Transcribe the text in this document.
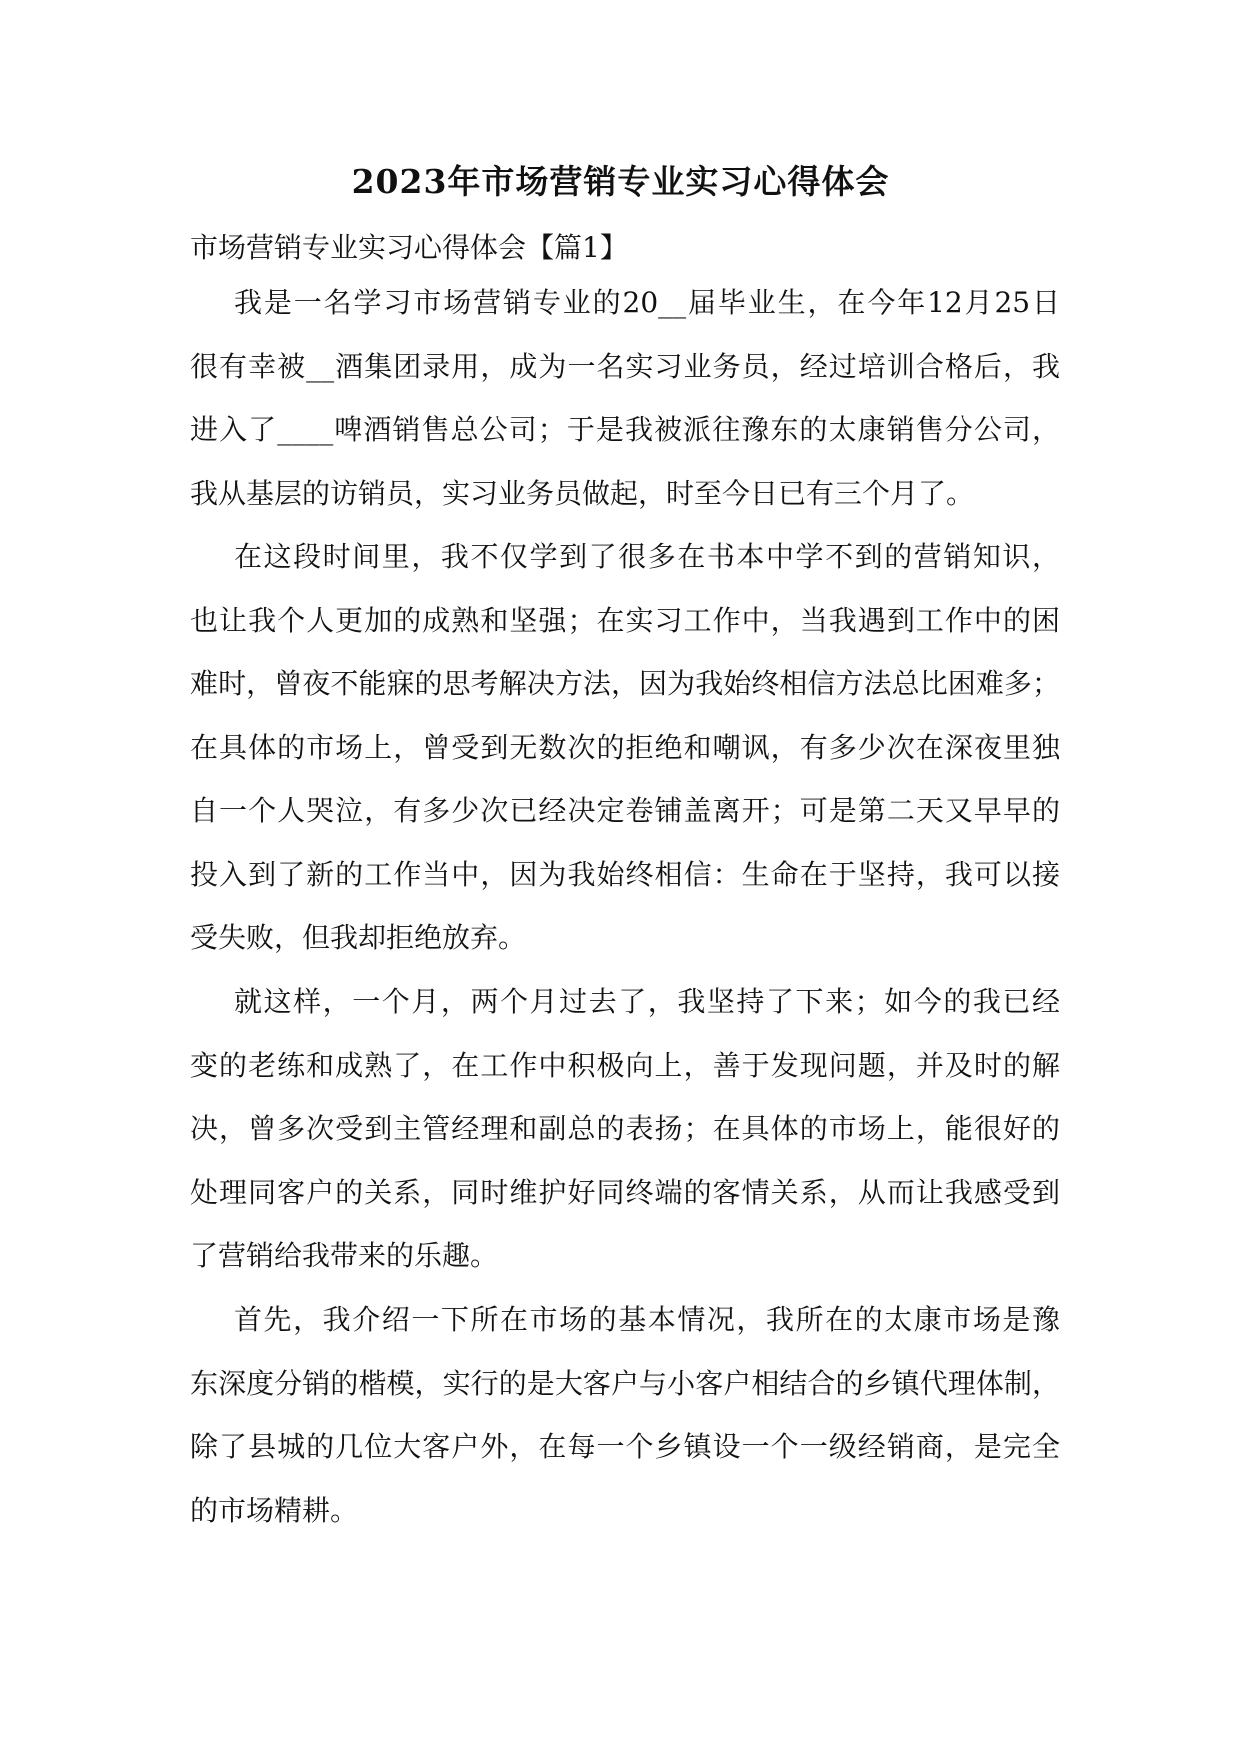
2023年市场营销专业实习心得体会
市场营销专业实习心得体会【篇1】

我是一名学习市场营销专业的20__届毕业生，在今年12月25日
很有幸被__酒集团录用，成为一名实习业务员，经过培训合格后，我
进入了____啤酒销售总公司；于是我被派往豫东的太康销售分公司，
我从基层的访销员，实习业务员做起，时至今日已有三个月了。

在这段时间里，我不仅学到了很多在书本中学不到的营销知识，
也让我个人更加的成熟和坚强；在实习工作中，当我遇到工作中的困
难时，曾夜不能寐的思考解决方法，因为我始终相信方法总比困难多；
在具体的市场上，曾受到无数次的拒绝和嘲讽，有多少次在深夜里独
自一个人哭泣，有多少次已经决定卷铺盖离开；可是第二天又早早的
投入到了新的工作当中，因为我始终相信：生命在于坚持，我可以接
受失败，但我却拒绝放弃。

就这样，一个月，两个月过去了，我坚持了下来；如今的我已经
变的老练和成熟了，在工作中积极向上，善于发现问题，并及时的解
决，曾多次受到主管经理和副总的表扬；在具体的市场上，能很好的
处理同客户的关系，同时维护好同终端的客情关系，从而让我感受到
了营销给我带来的乐趣。

首先，我介绍一下所在市场的基本情况，我所在的太康市场是豫
东深度分销的楷模，实行的是大客户与小客户相结合的乡镇代理体制，
除了县城的几位大客户外，在每一个乡镇设一个一级经销商，是完全
的市场精耕。
